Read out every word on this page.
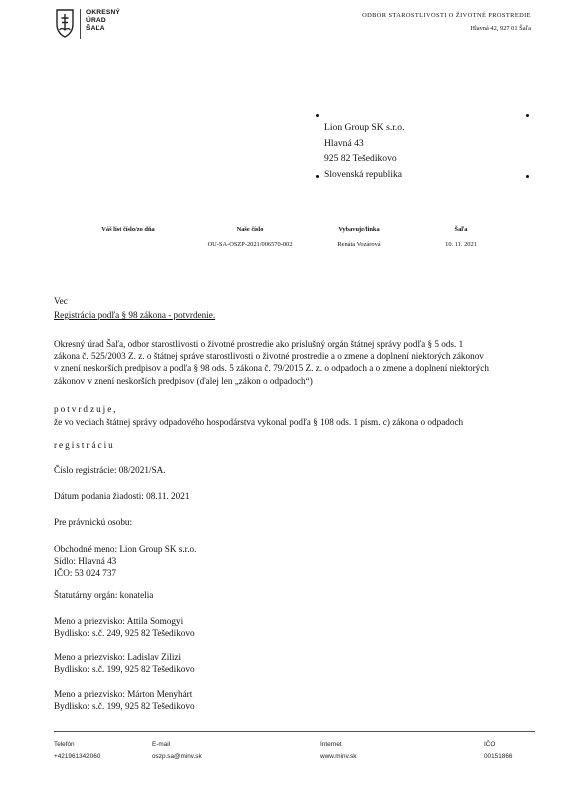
OKRESNÝ
ÚRAD
ŠAĽA
ODBOR STAROSTLIVOSTI O ŽIVOTNÉ PROSTREDIE
Hlavná 42, 927 01 Šaľa
Lion Group SK s.r.o.
Hlavná 43
925 82 Tešedikovo
Slovenská republika
Váš list číslo/zo dňa	Naše číslo
OU-SA-OSZP-2021/006570-002
Vybavuje/linka
Renáta Vozárová
Šaľa
10. 11. 2021
Vec
Registrácia podľa § 98 zákona - potvrdenie.
Okresný úrad Šaľa, odbor starostlivosti o životné prostredie ako príslušný orgán štátnej správy podľa § 5 ods. 1
zákona č. 525/2003 Z. z. o štátnej správe starostlivosti o životné prostredie a o zmene a doplnení niektorých zákonov
v znení neskorších predpisov a podľa § 98 ods. 5 zákona č. 79/2015 Z. z. o odpadoch a o zmene a doplnení niektorých
zákonov v znení neskorších predpisov (ďalej len „zákon o odpadoch“)
potvrdzuje,
že vo veciach štátnej správy odpadového hospodárstva vykonal podľa § 108 ods. 1 písm. c) zákona o odpadoch
registráciu
Číslo registrácie: 08/2021/SA.
Dátum podania žiadosti: 08.11. 2021
Pre právnickú osobu:
Obchodné meno: Lion Group SK s.r.o.
Sídlo: Hlavná 43
IČO: 53 024 737
Štatutárny orgán: konatelia
Meno a priezvisko: Attila Somogyi
Bydlisko: s.č. 249, 925 82 Tešedikovo
Meno a priezvisko: Ladislav Zilizi
Bydlisko: s.č. 199, 925 82 Tešedikovo
Meno a priezvisko: Márton Menyhárt
Bydlisko: s.č. 199, 925 82 Tešedikovo
Telefón
+421961342060
E-mail
oszp.sa@minv.sk
Internet
www.minv.sk
IČO
00151866
